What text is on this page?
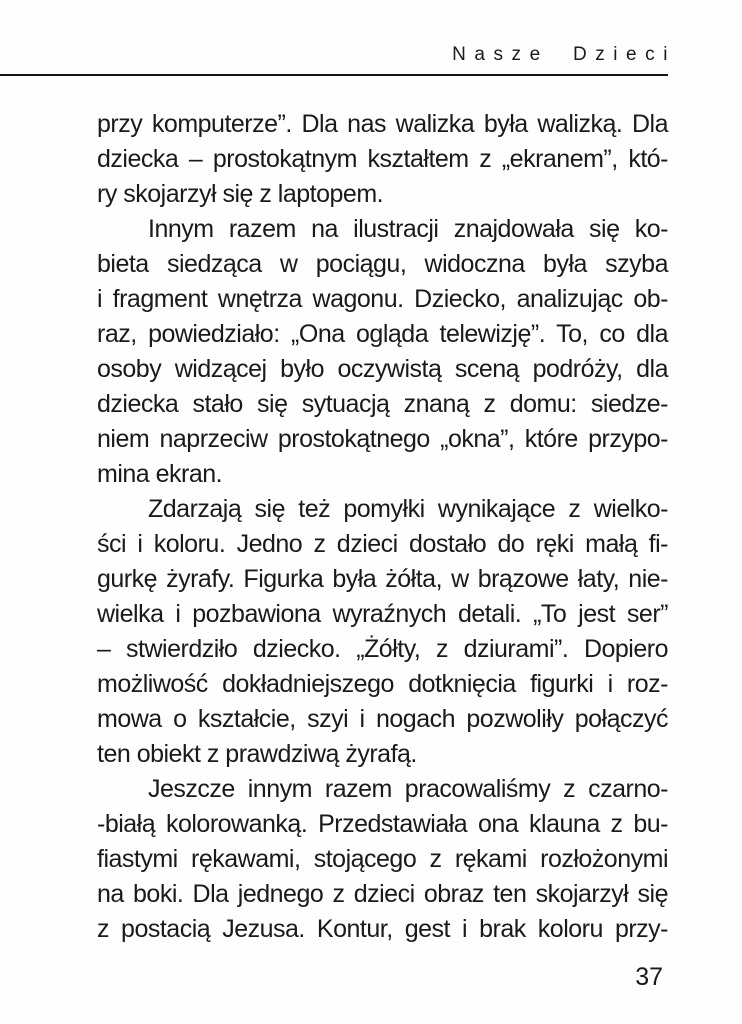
Nasze Dzieci
przy komputerze”. Dla nas walizka była walizką. Dla
dziecka – prostokątnym kształtem z „ekranem”, któ-
ry skojarzył się z laptopem.
Innym razem na ilustracji znajdowała się ko-
bieta siedząca w pociągu, widoczna była szyba
i fragment wnętrza wagonu. Dziecko, analizując ob-
raz, powiedziało: „Ona ogląda telewizję”. To, co dla
osoby widzącej było oczywistą sceną podróży, dla
dziecka stało się sytuacją znaną z domu: siedze-
niem naprzeciw prostokątnego „okna”, które przypo-
mina ekran.
Zdarzają się też pomyłki wynikające z wielko-
ści i koloru. Jedno z dzieci dostało do ręki małą fi-
gurkę żyrafy. Figurka była żółta, w brązowe łaty, nie-
wielka i pozbawiona wyraźnych detali. „To jest ser”
– stwierdziło dziecko. „Żółty, z dziurami”. Dopiero
możliwość dokładniejszego dotknięcia figurki i roz-
mowa o kształcie, szyi i nogach pozwoliły połączyć
ten obiekt z prawdziwą żyrafą.
Jeszcze innym razem pracowaliśmy z czarno-
-białą kolorowanką. Przedstawiała ona klauna z bu-
fiastymi rękawami, stojącego z rękami rozłożonymi
na boki. Dla jednego z dzieci obraz ten skojarzył się
z postacią Jezusa. Kontur, gest i brak koloru przy-
37
